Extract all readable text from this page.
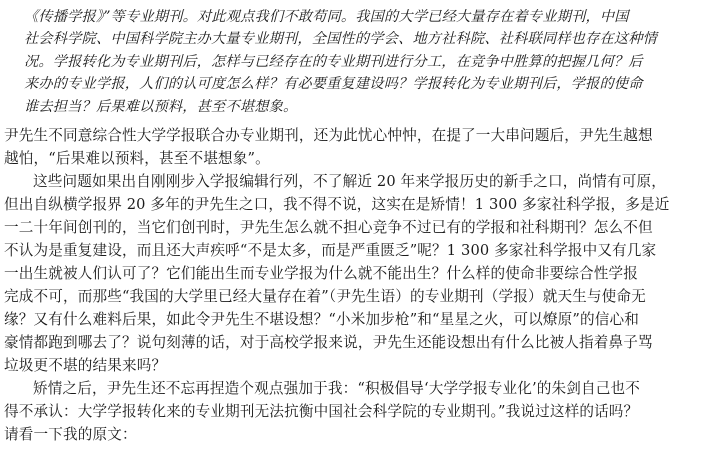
《传播学报》”等专业期刊。对此观点我们不敢苟同。我国的大学已经大量存在着专业期刊，中国
社会科学院、中国科学院主办大量专业期刊，全国性的学会、地方社科院、社科联同样也存在这种情
况。学报转化为专业期刊后，怎样与已经存在的专业期刊进行分工，在竞争中胜算的把握几何？后
来办的专业学报，人们的认可度怎么样？有必要重复建设吗？学报转化为专业期刊后，学报的使命
谁去担当？后果难以预料，甚至不堪想象。
尹先生不同意综合性大学学报联合办专业期刊，还为此忧心忡忡，在提了一大串问题后，尹先生越想
越怕，“后果难以预料，甚至不堪想象”。
这些问题如果出自刚刚步入学报编辑行列，不了解近 20 年来学报历史的新手之口，尚情有可原，
但出自纵横学报界 20 多年的尹先生之口，我不得不说，这实在是矫情！1 300 多家社科学报，多是近
一二十年间创刊的，当它们创刊时，尹先生怎么就不担心竞争不过已有的学报和社科期刊？怎么不但
不认为是重复建设，而且还大声疾呼“不是太多，而是严重匮乏”呢？1 300 多家社科学报中又有几家
一出生就被人们认可了？它们能出生而专业学报为什么就不能出生？什么样的使命非要综合性学报
完成不可，而那些“我国的大学里已经大量存在着”（尹先生语）的专业期刊（学报）就天生与使命无
缘？又有什么难料后果，如此令尹先生不堪设想？“小米加步枪”和“星星之火，可以燎原”的信心和
豪情都跑到哪去了？说句刻薄的话，对于高校学报来说，尹先生还能设想出有什么比被人指着鼻子骂
垃圾更不堪的结果来吗？
矫情之后，尹先生还不忘再捏造个观点强加于我：“积极倡导‘大学学报专业化’的朱剑自己也不
得不承认：大学学报转化来的专业期刊无法抗衡中国社会科学院的专业期刊。”我说过这样的话吗？
请看一下我的原文：
